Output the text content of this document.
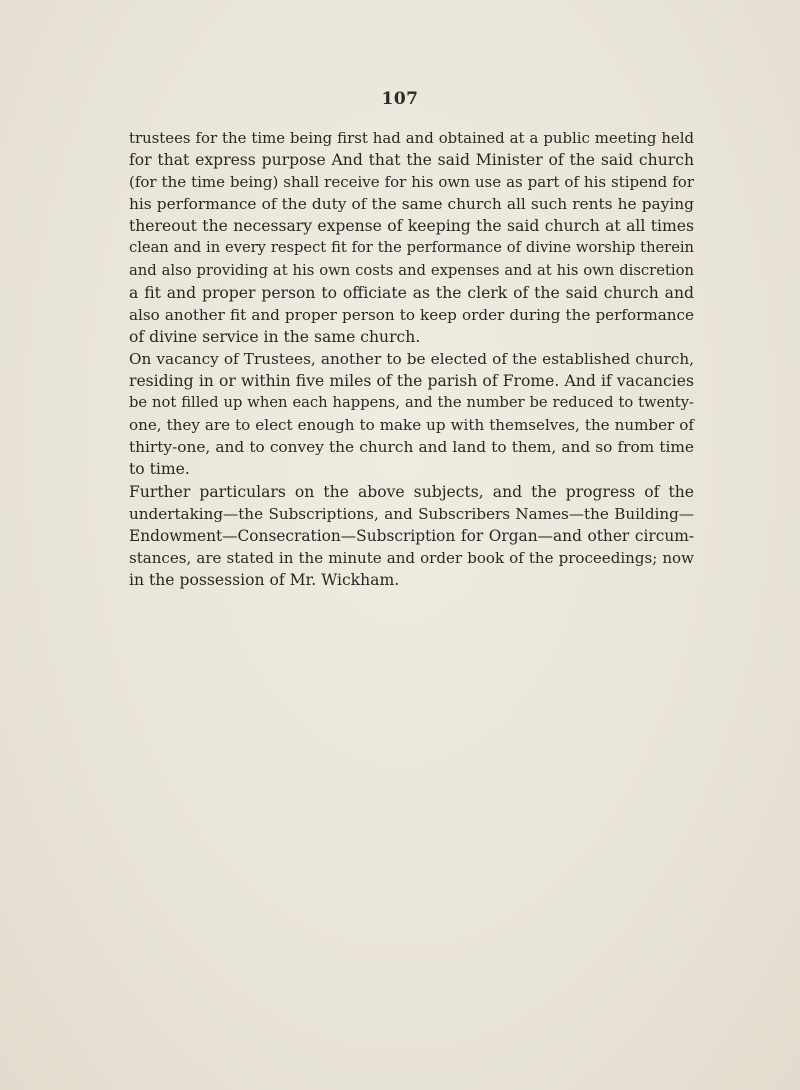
107
trustees for the time being first had and obtained at a public meeting held
for that express purpose And that the said Minister of the said church
(for the time being) shall receive for his own use as part of his stipend for
his performance of the duty of the same church all such rents he paying
thereout the necessary expense of keeping the said church at all times
clean and in every respect fit for the performance of divine worship therein
and also providing at his own costs and expenses and at his own discretion
a fit and proper person to officiate as the clerk of the said church and
also another fit and proper person to keep order during the performance
of divine service in the same church.
On vacancy of Trustees, another to be elected of the established church,
residing in or within five miles of the parish of Frome. And if vacancies
be not filled up when each happens, and the number be reduced to twenty-
one, they are to elect enough to make up with themselves, the number of
thirty-one, and to convey the church and land to them, and so from time
to time.
Further particulars on the above subjects, and the progress of the
undertaking—the Subscriptions, and Subscribers Names—the Building—
Endowment—Consecration—Subscription for Organ—and other circum-
stances, are stated in the minute and order book of the proceedings; now
in the possession of Mr. Wickham.
